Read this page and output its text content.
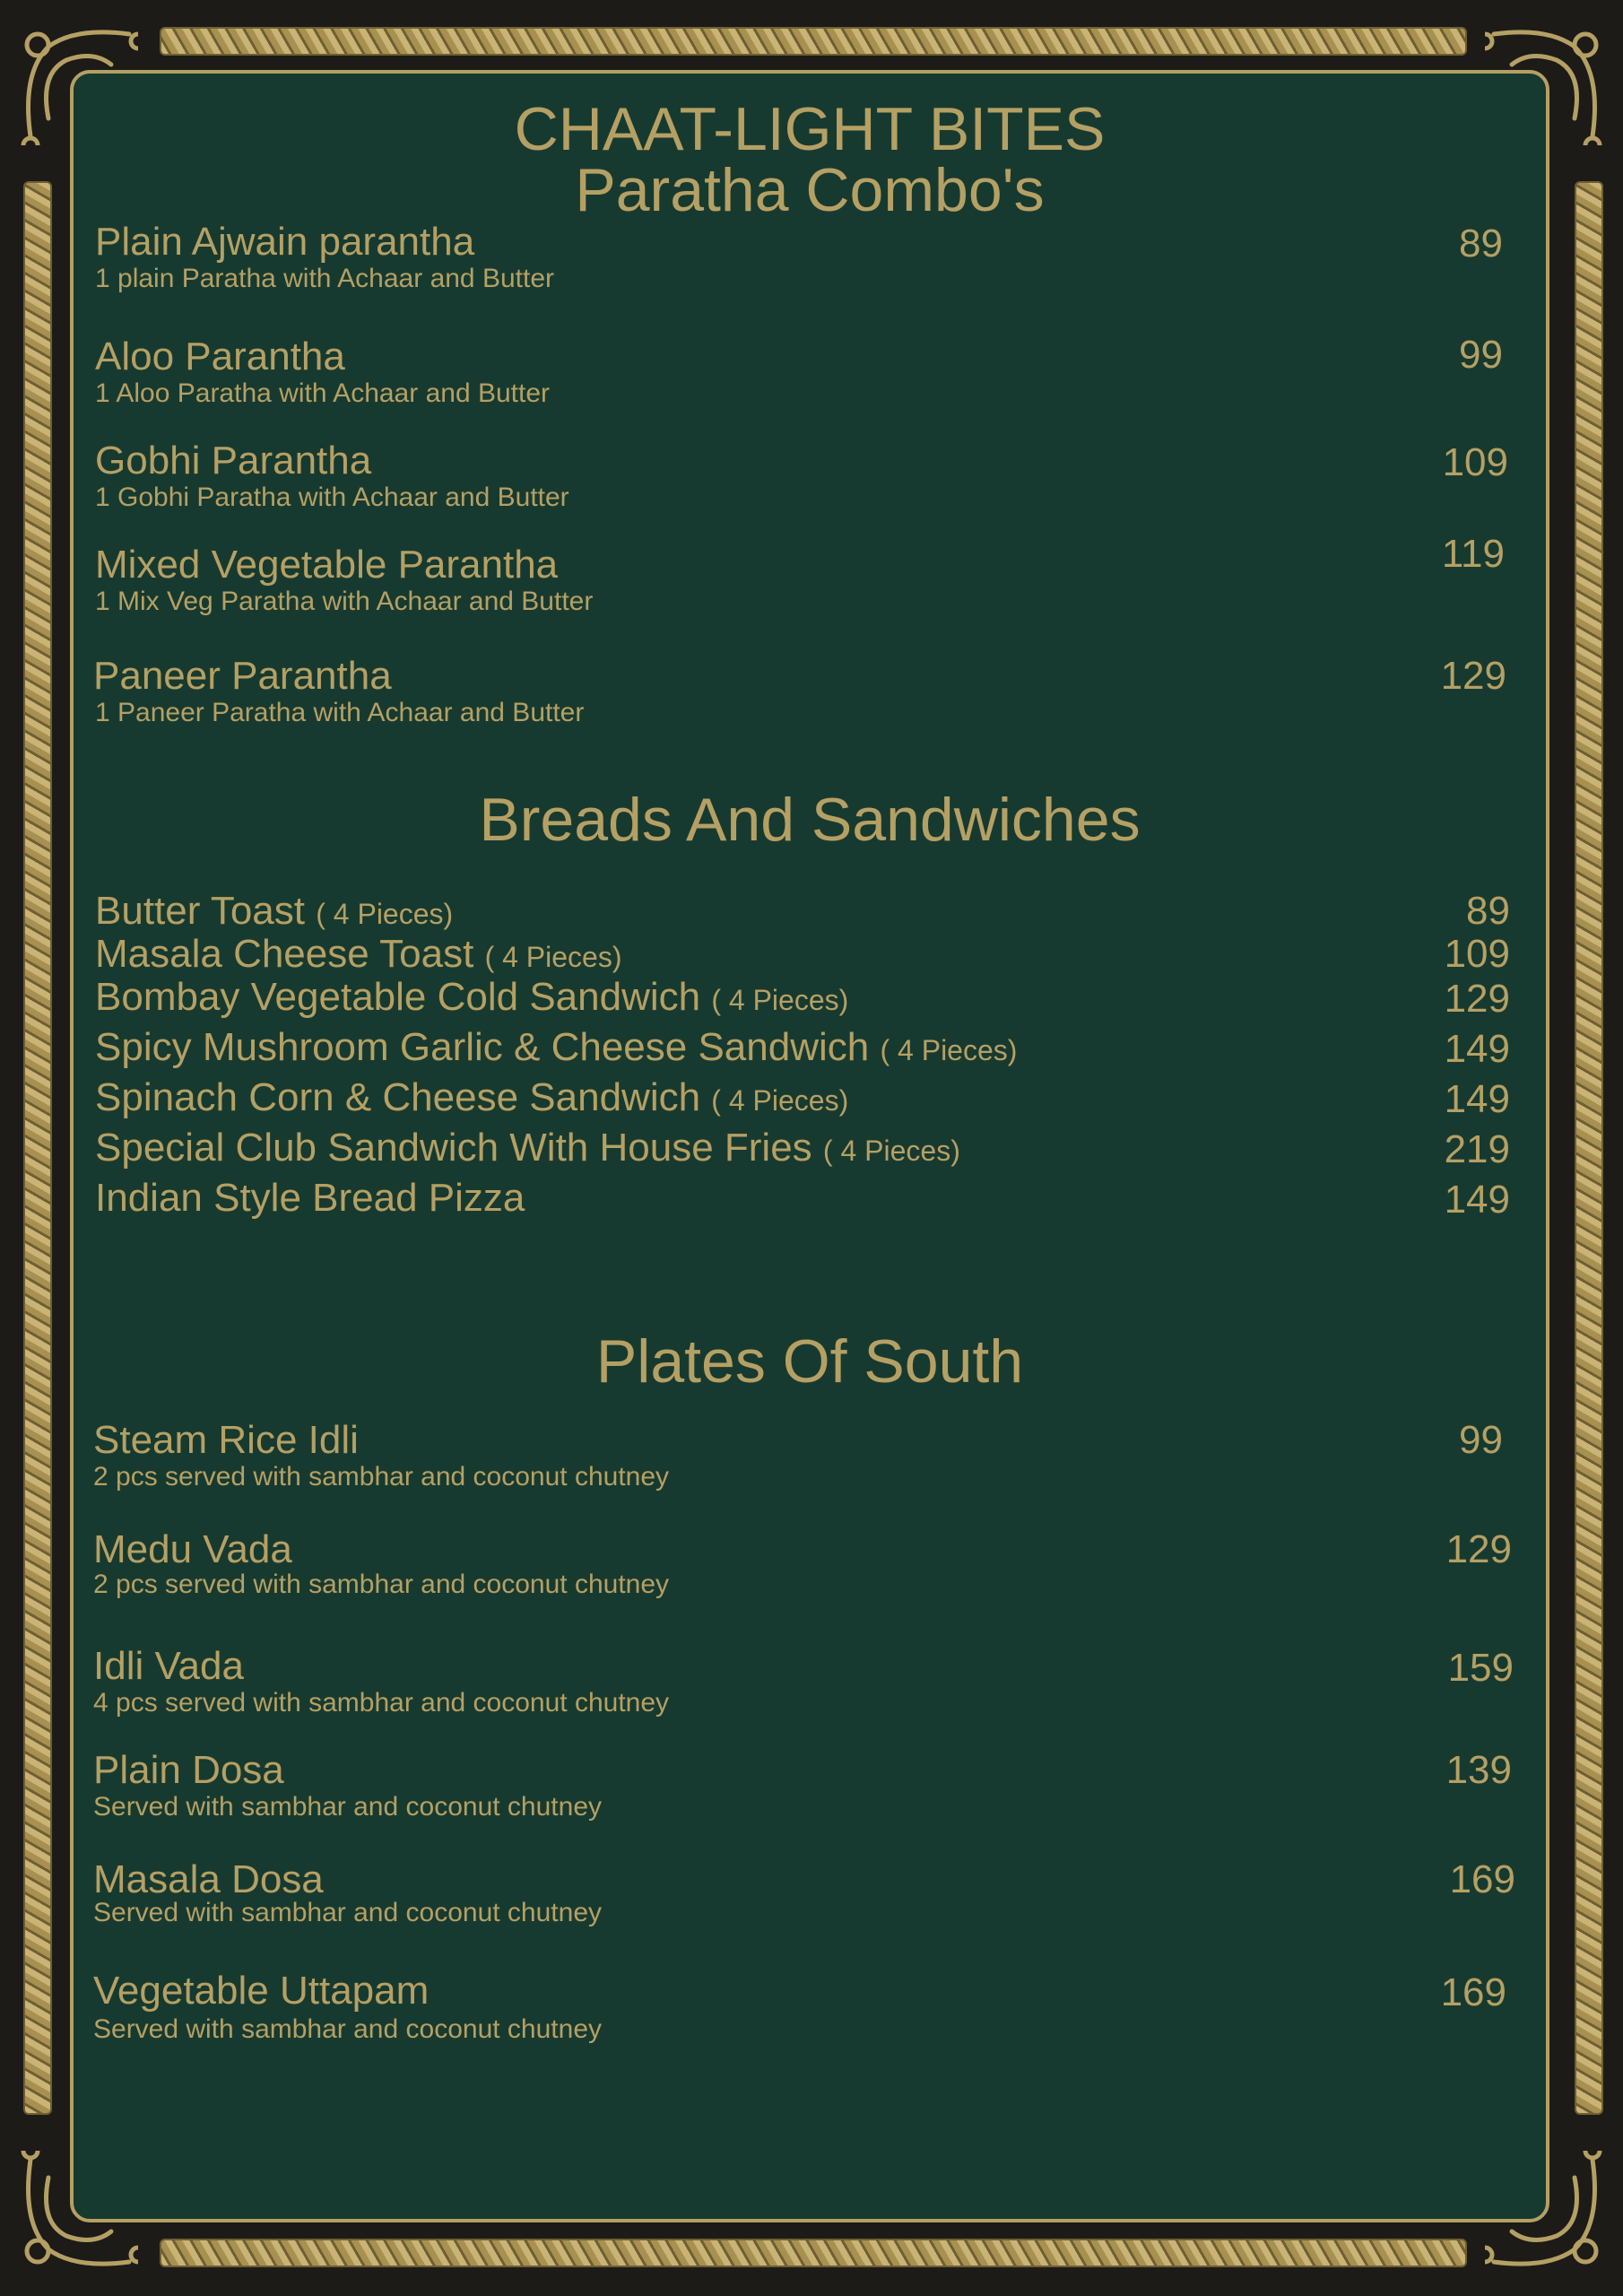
CHAAT-LIGHT BITES
Paratha Combo's
Plain Ajwain parantha
1 plain Paratha with Achaar and Butter
89
Aloo Parantha
1 Aloo Paratha with Achaar and Butter
99
Gobhi Parantha
1 Gobhi Paratha with Achaar and Butter
109
Mixed Vegetable Parantha
1 Mix Veg Paratha with Achaar and Butter
119
Paneer Parantha
1 Paneer Paratha with Achaar and Butter
129
Breads And Sandwiches
Butter Toast ( 4 Pieces)	89
Masala Cheese Toast ( 4 Pieces)	109
Bombay Vegetable Cold Sandwich ( 4 Pieces)	129
Spicy Mushroom Garlic & Cheese Sandwich ( 4 Pieces)	149
Spinach Corn & Cheese Sandwich ( 4 Pieces)	149
Special Club Sandwich With House Fries ( 4 Pieces)	219
Indian Style Bread Pizza	149
Plates Of South
Steam Rice Idli
2 pcs served with sambhar and coconut chutney
99
Medu Vada
2 pcs served with sambhar and coconut chutney
129
Idli Vada
4 pcs served with sambhar and coconut chutney
159
Plain Dosa
Served with sambhar and coconut chutney
139
Masala Dosa
Served with sambhar and coconut chutney
169
Vegetable Uttapam
Served with sambhar and coconut chutney
169
